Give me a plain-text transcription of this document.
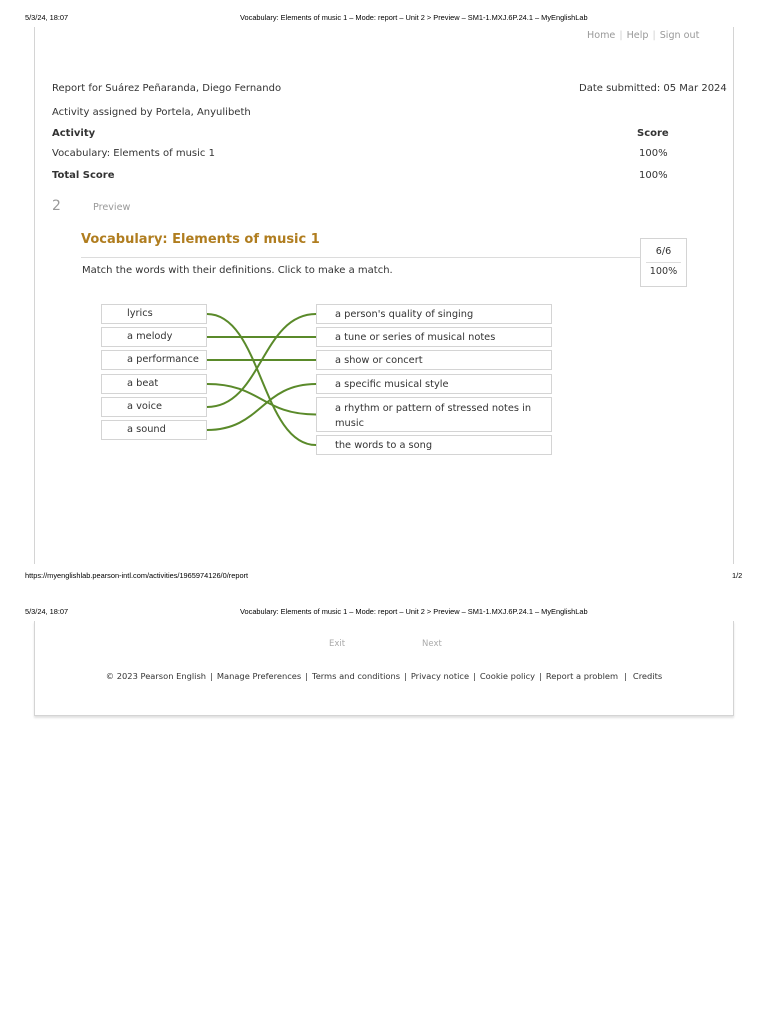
5/3/24, 18:07	Vocabulary: Elements of music 1 – Mode: report – Unit 2 > Preview – SM1-1.MXJ.6P.24.1 – MyEnglishLab
Home | Help | Sign out
Report for Suárez Peñaranda, Diego Fernando	Date submitted: 05 Mar 2024
Activity assigned by Portela, Anyulibeth
Activity	Score
Vocabulary: Elements of music 1	100%
Total Score	100%
2	Preview
Vocabulary: Elements of music 1
6/6
100%
Match the words with their definitions. Click to make a match.
lyrics
a melody
a performance
a beat
a voice
a sound
a person's quality of singing
a tune or series of musical notes
a show or concert
a specific musical style
a rhythm or pattern of stressed notes in music
the words to a song
https://myenglishlab.pearson-intl.com/activities/1965974126/0/report	1/2
5/3/24, 18:07	Vocabulary: Elements of music 1 – Mode: report – Unit 2 > Preview – SM1-1.MXJ.6P.24.1 – MyEnglishLab
Exit	Next
© 2023 Pearson English | Manage Preferences | Terms and conditions | Privacy notice | Cookie policy | Report a problem | Credits
